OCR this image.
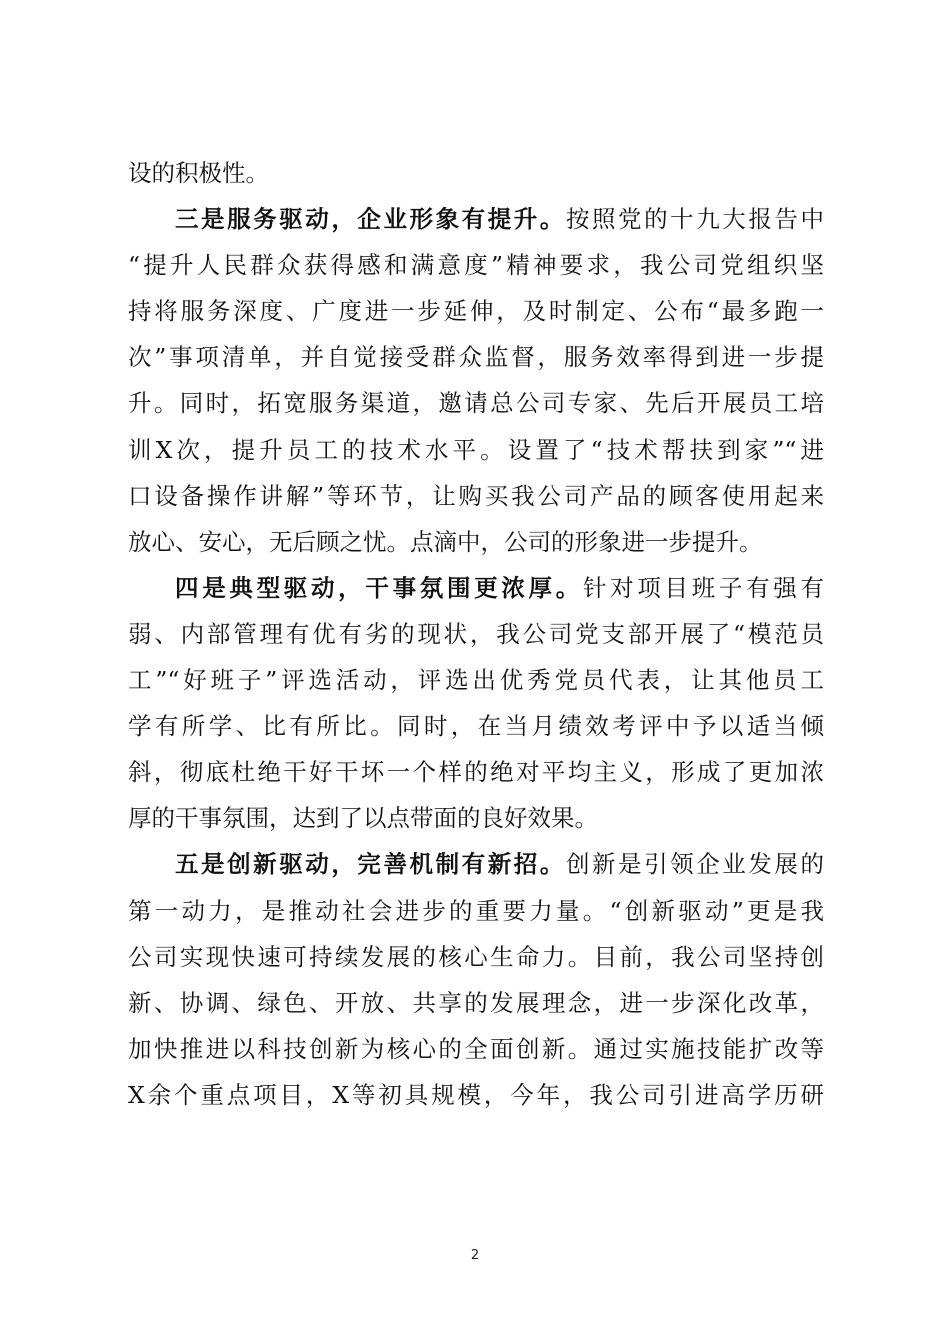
设的积极性。
三是服务驱动，企业形象有提升。按照党的十九大报告中
“提升人民群众获得感和满意度”精神要求，我公司党组织坚
持将服务深度、广度进一步延伸，及时制定、公布“最多跑一
次”事项清单，并自觉接受群众监督，服务效率得到进一步提
升。同时，拓宽服务渠道，邀请总公司专家、先后开展员工培
训X次，提升员工的技术水平。设置了“技术帮扶到家”“进
口设备操作讲解”等环节，让购买我公司产品的顾客使用起来
放心、安心，无后顾之忧。点滴中，公司的形象进一步提升。
四是典型驱动，干事氛围更浓厚。针对项目班子有强有
弱、内部管理有优有劣的现状，我公司党支部开展了“模范员
工”“好班子”评选活动，评选出优秀党员代表，让其他员工
学有所学、比有所比。同时，在当月绩效考评中予以适当倾
斜，彻底杜绝干好干坏一个样的绝对平均主义，形成了更加浓
厚的干事氛围，达到了以点带面的良好效果。
五是创新驱动，完善机制有新招。创新是引领企业发展的
第一动力，是推动社会进步的重要力量。“创新驱动”更是我
公司实现快速可持续发展的核心生命力。目前，我公司坚持创
新、协调、绿色、开放、共享的发展理念，进一步深化改革，
加快推进以科技创新为核心的全面创新。通过实施技能扩改等
X余个重点项目，X等初具规模，今年，我公司引进高学历研
2
